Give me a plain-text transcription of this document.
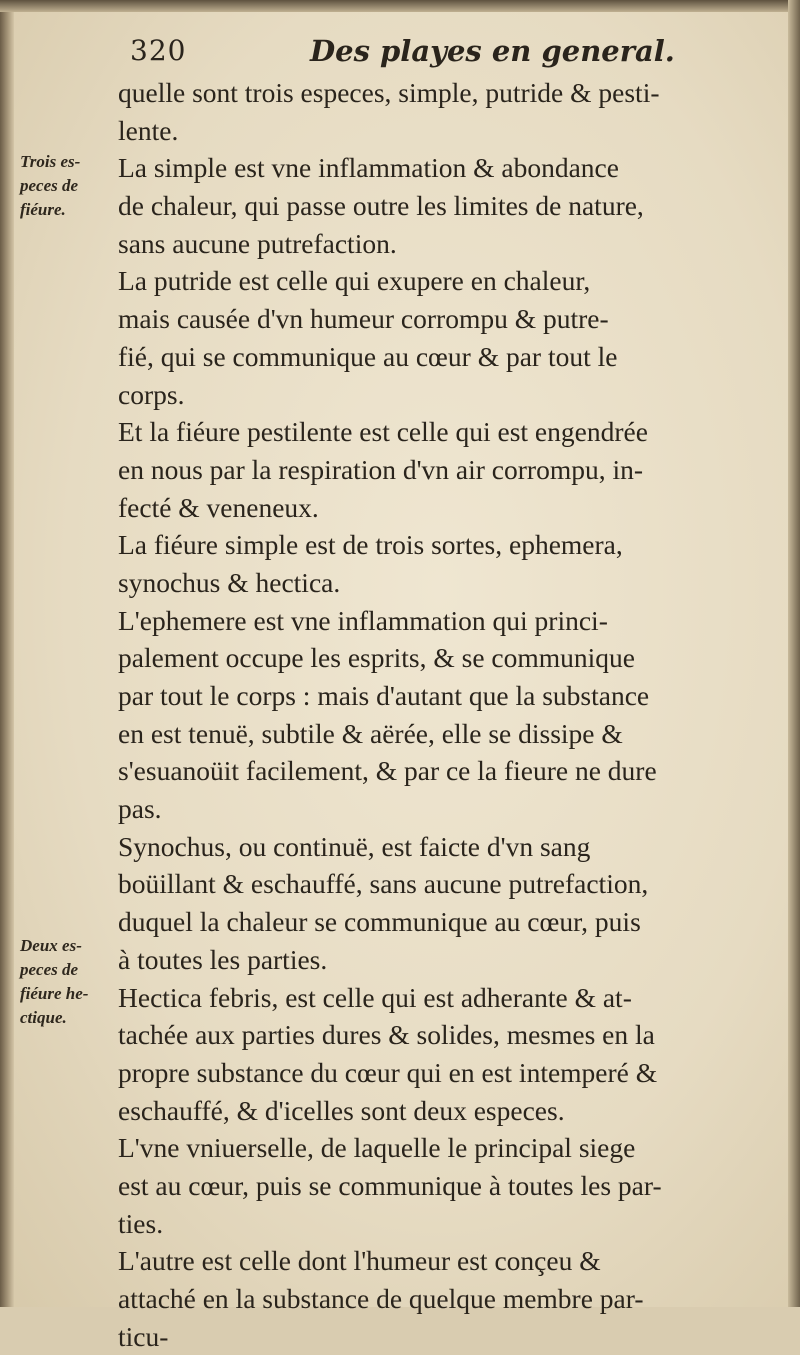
320	Des playes en general.
Trois es-
peces de
fiéure.
Deux es-
peces de
fiéure he-
ctique.
quelle sont trois especes, simple, putride & pesti-
lente.
La simple est vne inflammation & abondance
de chaleur, qui passe outre les limites de nature,
sans aucune putrefaction.
La putride est celle qui exupere en chaleur,
mais causée d'vn humeur corrompu & putre-
fié, qui se communique au cœur & par tout le
corps.
Et la fiéure pestilente est celle qui est engendrée
en nous par la respiration d'vn air corrompu, in-
fecté & veneneux.
La fiéure simple est de trois sortes, ephemera,
synochus & hectica.
L'ephemere est vne inflammation qui princi-
palement occupe les esprits, & se communique
par tout le corps : mais d'autant que la substance
en est tenuë, subtile & aërée, elle se dissipe &
s'esuanoüit facilement, & par ce la fieure ne dure
pas.
Synochus, ou continuë, est faicte d'vn sang
boüillant & eschauffé, sans aucune putrefaction,
duquel la chaleur se communique au cœur, puis
à toutes les parties.
Hectica febris, est celle qui est adherante & at-
tachée aux parties dures & solides, mesmes en la
propre substance du cœur qui en est intemperé &
eschauffé, & d'icelles sont deux especes.
L'vne vniuerselle, de laquelle le principal siege
est au cœur, puis se communique à toutes les par-
ties.
L'autre est celle dont l'humeur est conçeu &
attaché en la substance de quelque membre par-
ticu-
